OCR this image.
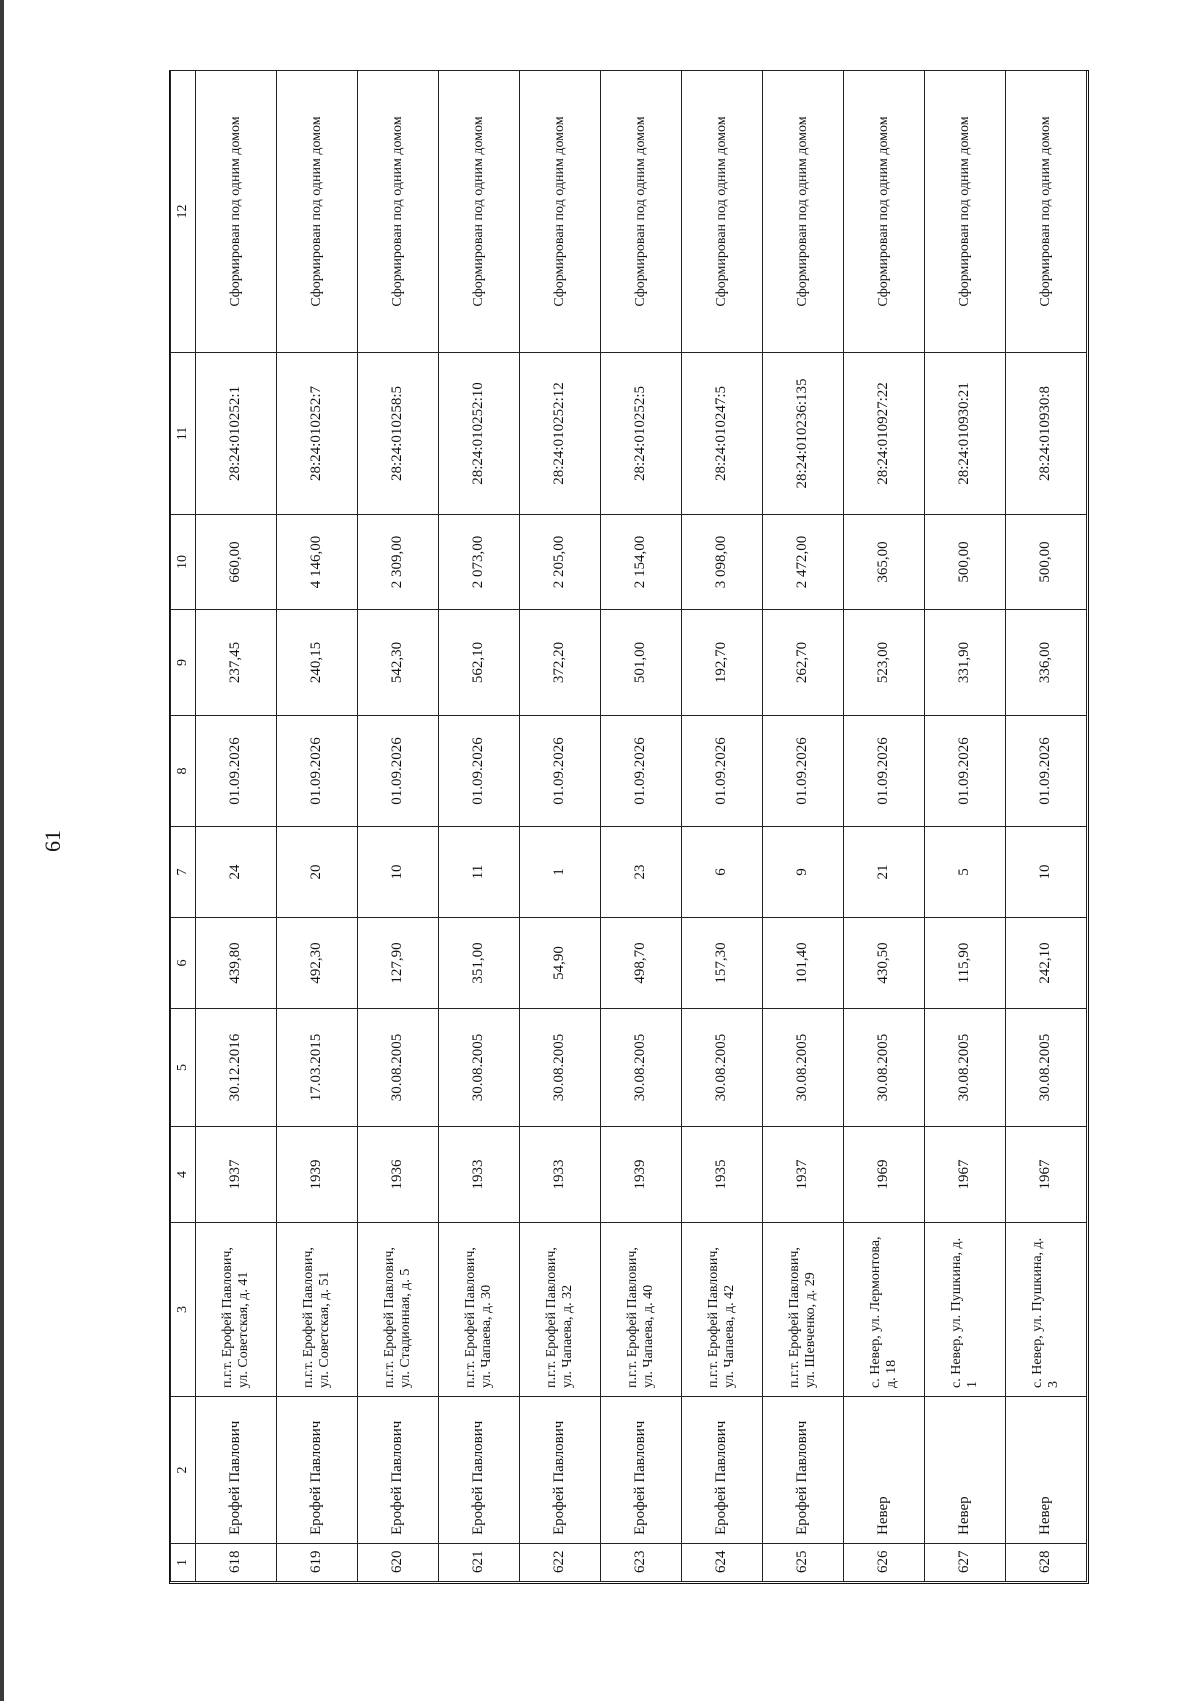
61
1	2	3	4	5	6	7	8	9	10	11	12
618	Ерофей Павлович	п.г.т. Ерофей Павлович, ул. Советская, д. 41	1937	30.12.2016	439,80	24	01.09.2026	237,45	660,00	28:24:010252:1	Сформирован под одним домом
619	Ерофей Павлович	п.г.т. Ерофей Павлович, ул. Советская, д. 51	1939	17.03.2015	492,30	20	01.09.2026	240,15	4 146,00	28:24:010252:7	Сформирован под одним домом
620	Ерофей Павлович	п.г.т. Ерофей Павлович, ул. Стадионная, д. 5	1936	30.08.2005	127,90	10	01.09.2026	542,30	2 309,00	28:24:010258:5	Сформирован под одним домом
621	Ерофей Павлович	п.г.т. Ерофей Павлович, ул. Чапаева, д. 30	1933	30.08.2005	351,00	11	01.09.2026	562,10	2 073,00	28:24:010252:10	Сформирован под одним домом
622	Ерофей Павлович	п.г.т. Ерофей Павлович, ул. Чапаева, д. 32	1933	30.08.2005	54,90	1	01.09.2026	372,20	2 205,00	28:24:010252:12	Сформирован под одним домом
623	Ерофей Павлович	п.г.т. Ерофей Павлович, ул. Чапаева, д. 40	1939	30.08.2005	498,70	23	01.09.2026	501,00	2 154,00	28:24:010252:5	Сформирован под одним домом
624	Ерофей Павлович	п.г.т. Ерофей Павлович, ул. Чапаева, д. 42	1935	30.08.2005	157,30	6	01.09.2026	192,70	3 098,00	28:24:010247:5	Сформирован под одним домом
625	Ерофей Павлович	п.г.т. Ерофей Павлович, ул. Шевченко, д. 29	1937	30.08.2005	101,40	9	01.09.2026	262,70	2 472,00	28:24:010236:135	Сформирован под одним домом
626	Невер	с. Невер, ул. Лермонтова, д. 18	1969	30.08.2005	430,50	21	01.09.2026	523,00	365,00	28:24:010927:22	Сформирован под одним домом
627	Невер	с. Невер, ул. Пушкина, д. 1	1967	30.08.2005	115,90	5	01.09.2026	331,90	500,00	28:24:010930:21	Сформирован под одним домом
628	Невер	с. Невер, ул. Пушкина, д. 3	1967	30.08.2005	242,10	10	01.09.2026	336,00	500,00	28:24:010930:8	Сформирован под одним домом
